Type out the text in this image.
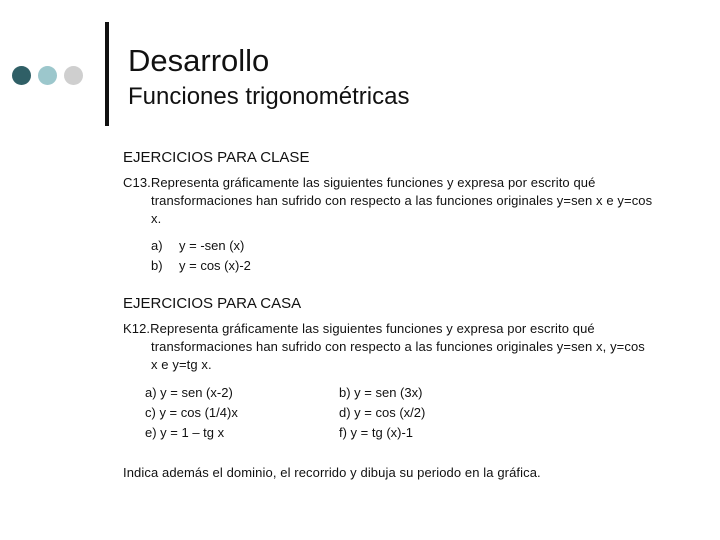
Desarrollo
Funciones trigonométricas
EJERCICIOS PARA CLASE

C13.Representa gráficamente las siguientes funciones y expresa por escrito qué transformaciones han sufrido con respecto a las funciones originales y=sen x e y=cos x.

a)	y = -sen (x)
b)	y = cos (x)-2
EJERCICIOS PARA CASA

K12.Representa gráficamente las siguientes funciones y expresa por escrito qué transformaciones han sufrido con respecto a las funciones originales y=sen x, y=cos x e y=tg x.

a) y = sen (x-2)	b) y = sen (3x)
c) y = cos (1/4)x	d) y = cos (x/2)
e) y = 1 – tg x	f) y = tg (x)-1

Indica además el dominio, el recorrido y dibuja su periodo en la gráfica.
